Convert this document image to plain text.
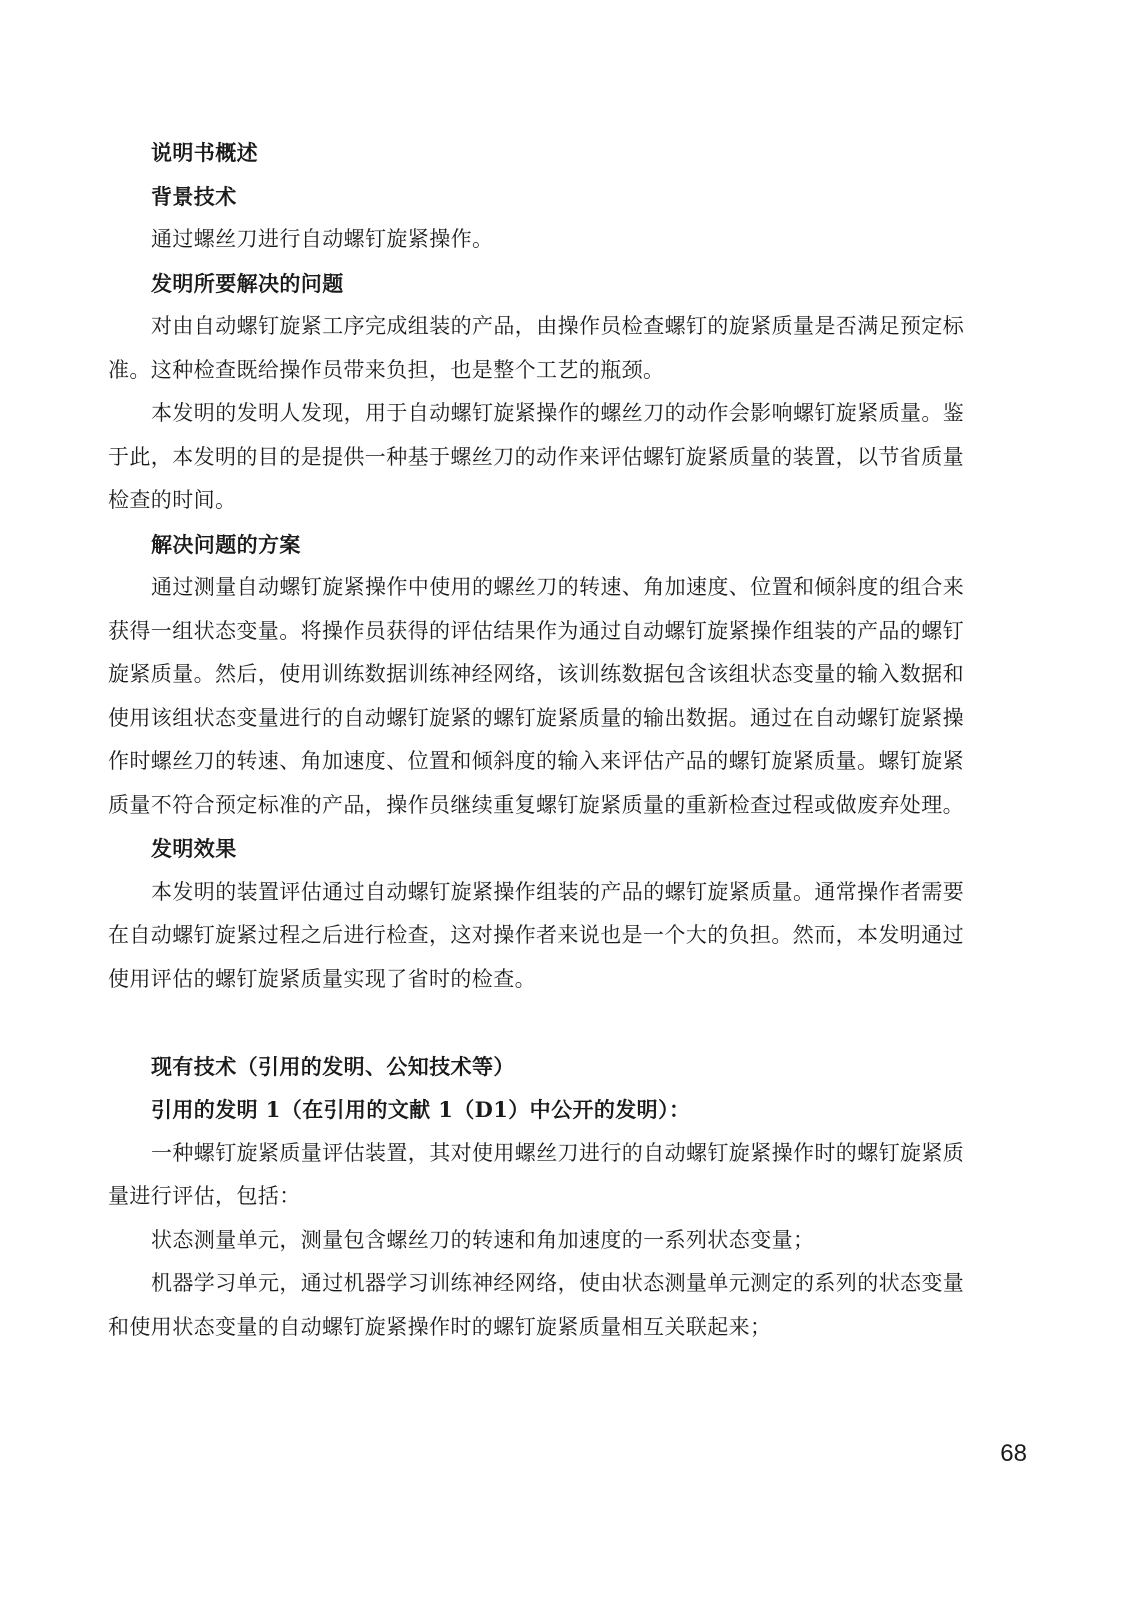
说明书概述
背景技术
通过螺丝刀进行自动螺钉旋紧操作。
发明所要解决的问题
对由自动螺钉旋紧工序完成组装的产品，由操作员检查螺钉的旋紧质量是否满足预定标
准。这种检查既给操作员带来负担，也是整个工艺的瓶颈。
本发明的发明人发现，用于自动螺钉旋紧操作的螺丝刀的动作会影响螺钉旋紧质量。鉴
于此，本发明的目的是提供一种基于螺丝刀的动作来评估螺钉旋紧质量的装置，以节省质量
检查的时间。
解决问题的方案
通过测量自动螺钉旋紧操作中使用的螺丝刀的转速、角加速度、位置和倾斜度的组合来
获得一组状态变量。将操作员获得的评估结果作为通过自动螺钉旋紧操作组装的产品的螺钉
旋紧质量。然后，使用训练数据训练神经网络，该训练数据包含该组状态变量的输入数据和
使用该组状态变量进行的自动螺钉旋紧的螺钉旋紧质量的输出数据。通过在自动螺钉旋紧操
作时螺丝刀的转速、角加速度、位置和倾斜度的输入来评估产品的螺钉旋紧质量。螺钉旋紧
质量不符合预定标准的产品，操作员继续重复螺钉旋紧质量的重新检查过程或做废弃处理。
发明效果
本发明的装置评估通过自动螺钉旋紧操作组装的产品的螺钉旋紧质量。通常操作者需要
在自动螺钉旋紧过程之后进行检查，这对操作者来说也是一个大的负担。然而，本发明通过
使用评估的螺钉旋紧质量实现了省时的检查。
现有技术（引用的发明、公知技术等）
引用的发明 1（在引用的文献 1（D1）中公开的发明）：
一种螺钉旋紧质量评估装置，其对使用螺丝刀进行的自动螺钉旋紧操作时的螺钉旋紧质
量进行评估，包括：
状态测量单元，测量包含螺丝刀的转速和角加速度的一系列状态变量；
机器学习单元，通过机器学习训练神经网络，使由状态测量单元测定的系列的状态变量
和使用状态变量的自动螺钉旋紧操作时的螺钉旋紧质量相互关联起来；
68
